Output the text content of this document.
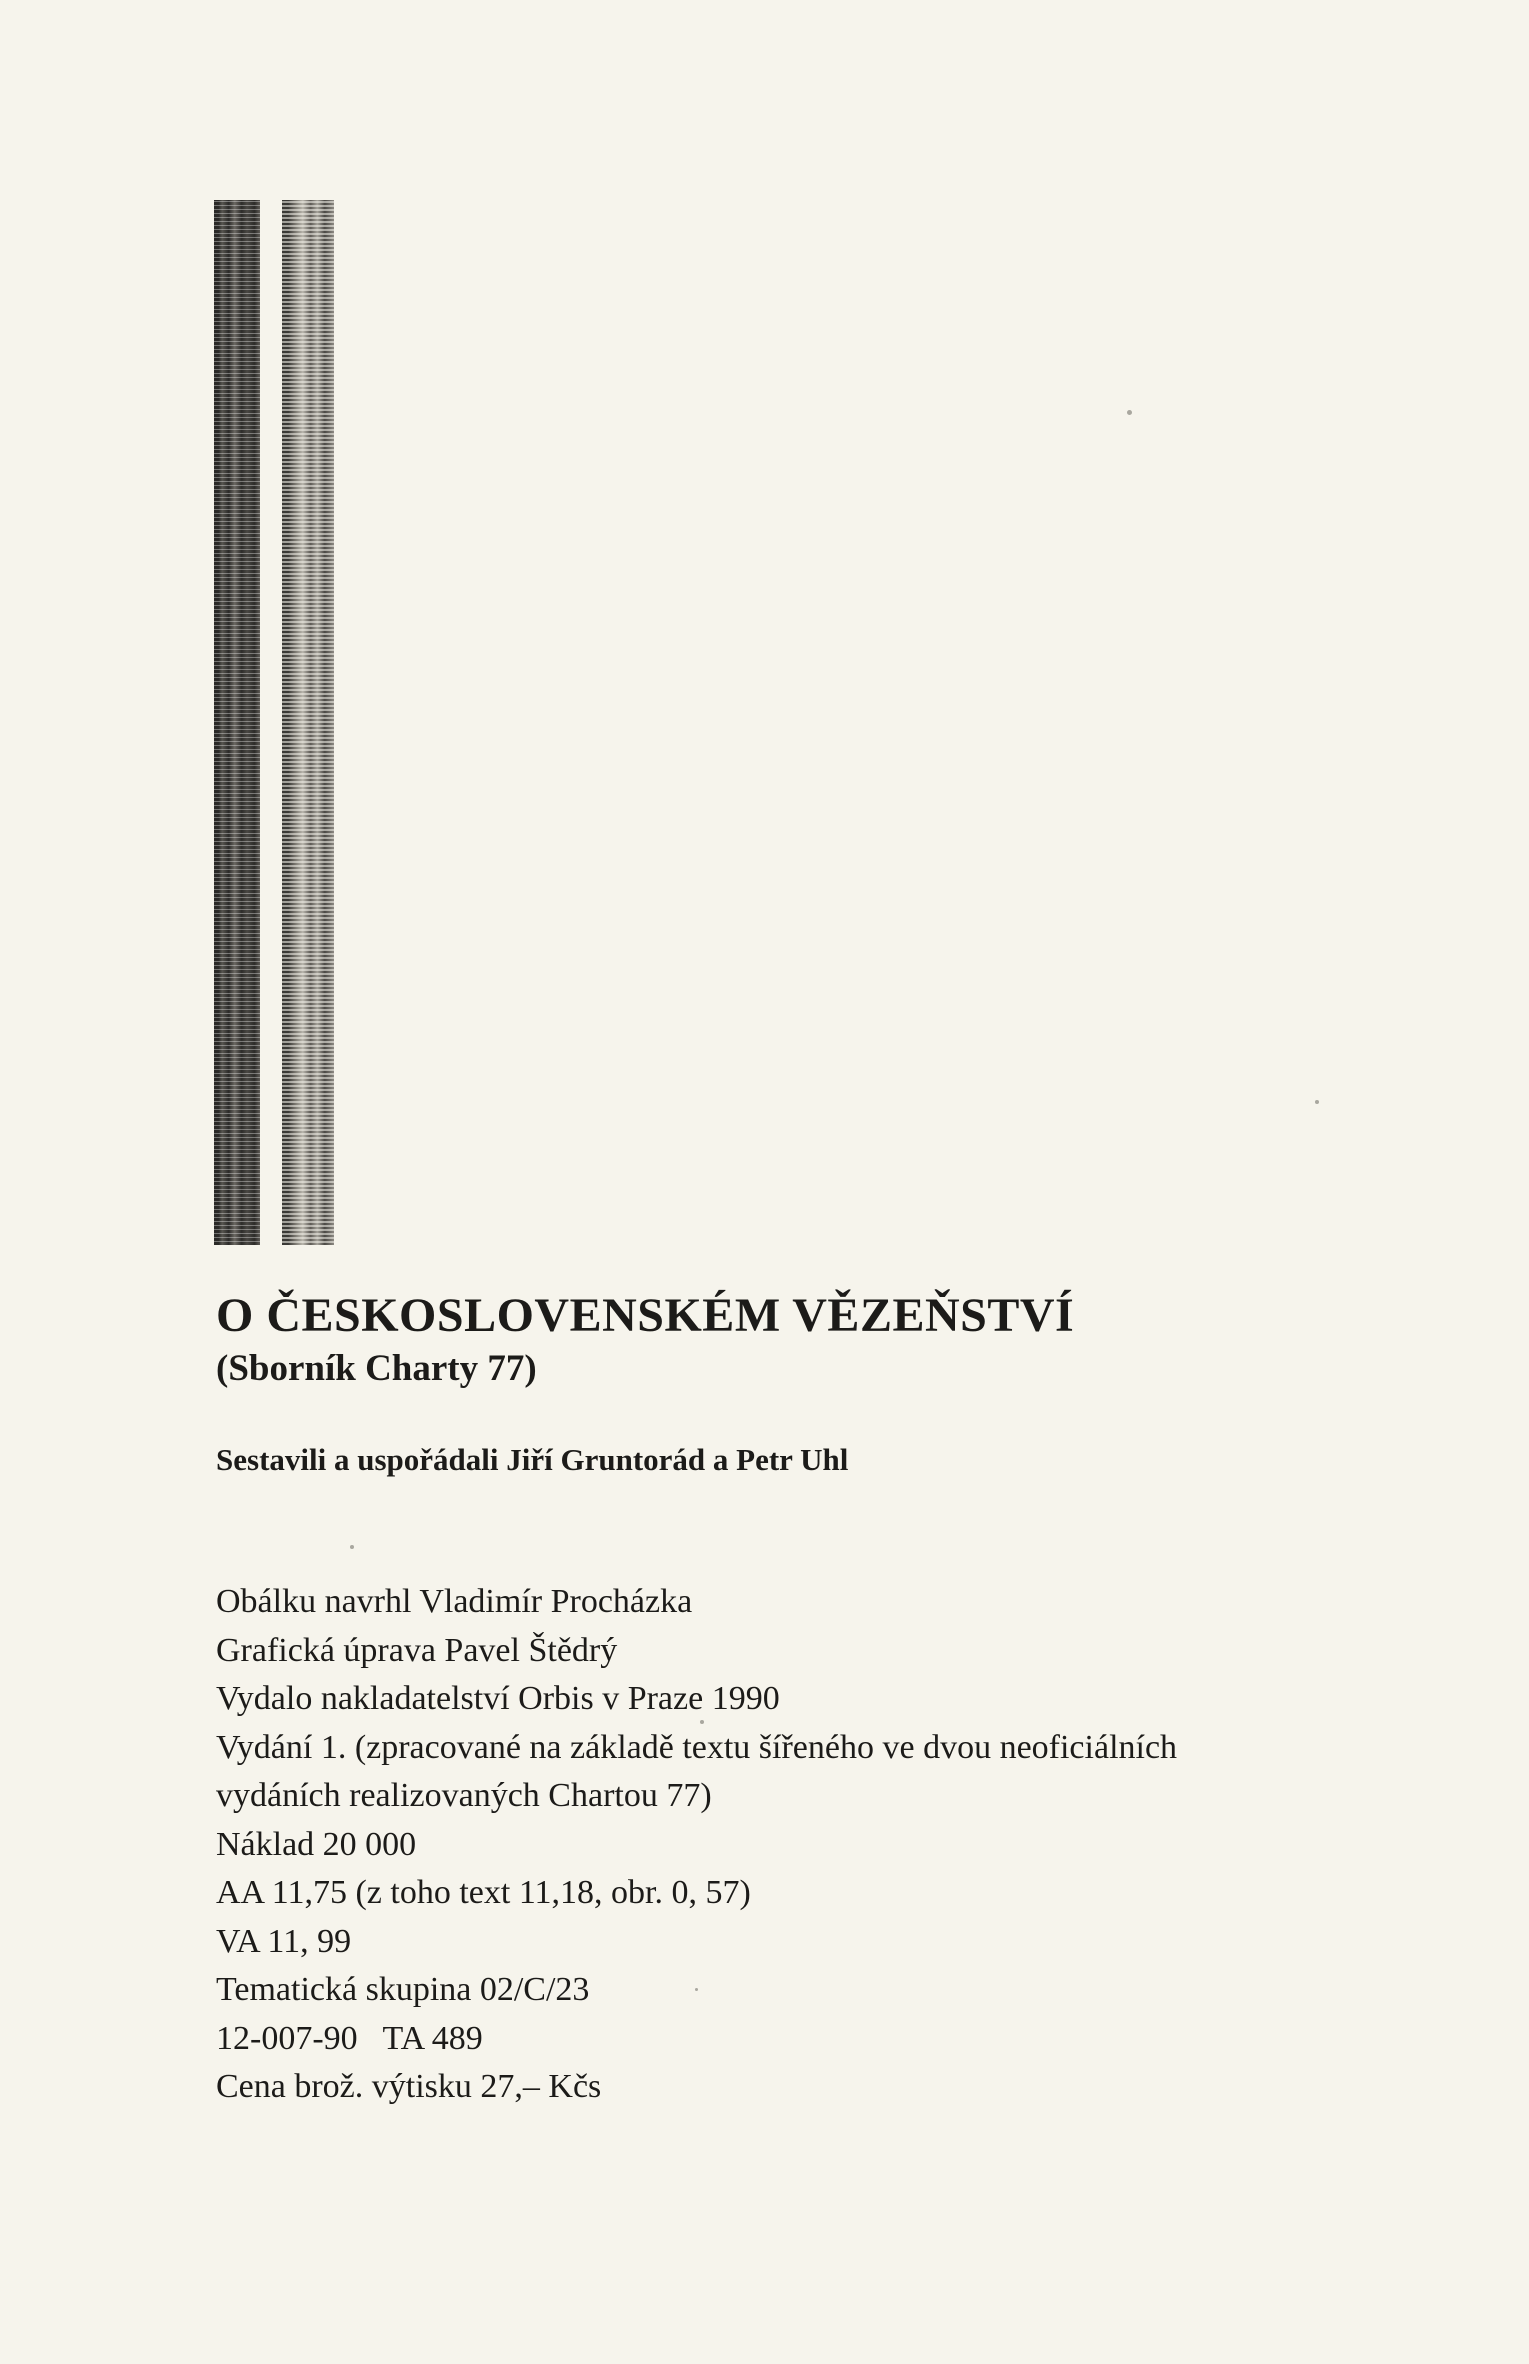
O ČESKOSLOVENSKÉM VĚZEŇSTVÍ

(Sborník Charty 77)

Sestavili a uspořádali Jiří Gruntorád a Petr Uhl

Obálku navrhl Vladimír Procházka
Grafická úprava Pavel Štědrý
Vydalo nakladatelství Orbis v Praze 1990
Vydání 1. (zpracované na základě textu šířeného ve dvou neoficiálních
vydáních realizovaných Chartou 77)
Náklad 20 000
AA 11,75 (z toho text 11,18, obr. 0, 57)
VA 11, 99
Tematická skupina 02/C/23
12-007-90   TA 489
Cena brož. výtisku 27,– Kčs
